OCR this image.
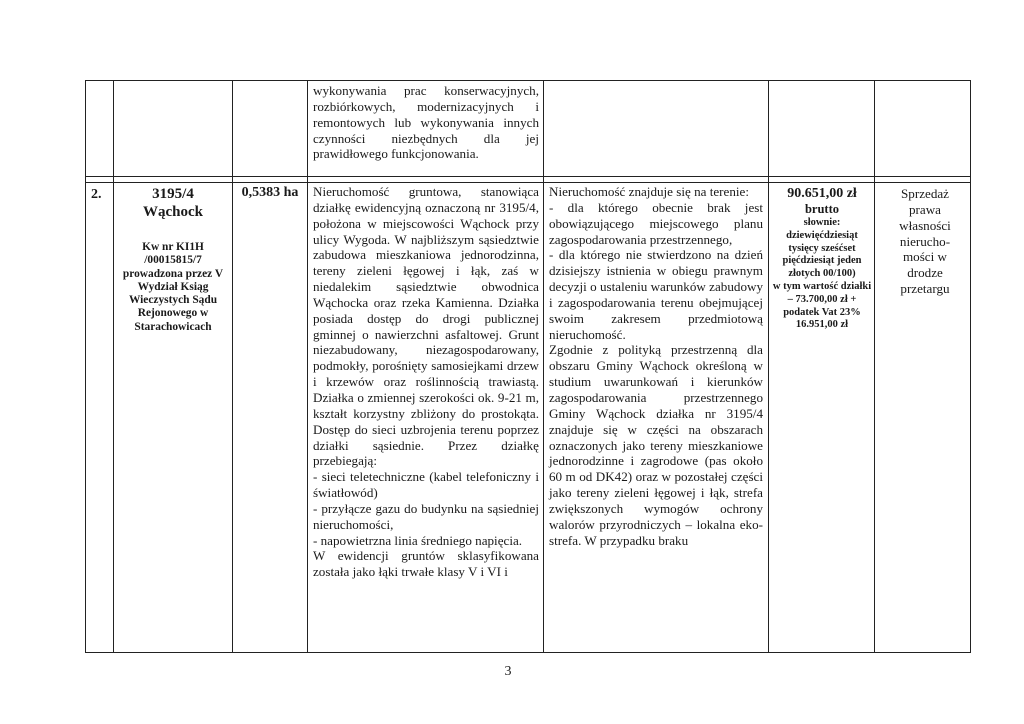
wykonywania prac konserwacyjnych, rozbiórkowych, modernizacyjnych i remontowych lub wykonywania innych czynności niezbędnych dla jej prawidłowego funkcjonowania.
2.	3195/4
Wąchock
Kw nr KI1H /00015815/7 prowadzona przez V Wydział Ksiąg Wieczystych Sądu Rejonowego w Starachowicach
0,5383 ha	Nieruchomość gruntowa, stanowiąca działkę ewidencyjną oznaczoną nr 3195/4, położona w miejscowości Wąchock przy ulicy Wygoda. W najbliższym sąsiedztwie zabudowa mieszkaniowa jednorodzinna, tereny zieleni łęgowej i łąk, zaś w niedalekim sąsiedztwie obwodnica Wąchocka oraz rzeka Kamienna. Działka posiada dostęp do drogi publicznej gminnej o nawierzchni asfaltowej. Grunt niezabudowany, niezagospodarowany, podmokły, porośnięty samosiejkami drzew i krzewów oraz roślinnością trawiastą. Działka o zmiennej szerokości ok. 9-21 m, kształt korzystny zbliżony do prostokąta. Dostęp do sieci uzbrojenia terenu poprzez działki sąsiednie. Przez działkę przebiegają:
- sieci teletechniczne (kabel telefoniczny i światłowód)
- przyłącze gazu do budynku na sąsiedniej nieruchomości,
- napowietrzna linia średniego napięcia.
W ewidencji gruntów sklasyfikowana została jako łąki trwałe klasy V i VI i
Nieruchomość znajduje się na terenie:
- dla którego obecnie brak jest obowiązującego miejscowego planu zagospodarowania przestrzennego,
- dla którego nie stwierdzono na dzień dzisiejszy istnienia w obiegu prawnym decyzji o ustaleniu warunków zabudowy i zagospodarowania terenu obejmującej swoim zakresem przedmiotową nieruchomość.
Zgodnie z polityką przestrzenną dla obszaru Gminy Wąchock określoną w studium uwarunkowań i kierunków zagospodarowania przestrzennego Gminy Wąchock działka nr 3195/4 znajduje się w części na obszarach oznaczonych jako tereny mieszkaniowe jednorodzinne i zagrodowe (pas około 60 m od DK42) oraz w pozostałej części jako tereny zieleni łęgowej i łąk, strefa zwiększonych wymogów ochrony walorów przyrodniczych – lokalna eko-strefa. W przypadku braku
90.651,00 zł
brutto
słownie:
dziewięćdziesiąt tysięcy sześćset pięćdziesiąt jeden złotych 00/100)
w tym wartość działki – 73.700,00 zł + podatek Vat 23% 16.951,00 zł
Sprzedaż prawa własności nierucho-mości w drodze przetargu
3
